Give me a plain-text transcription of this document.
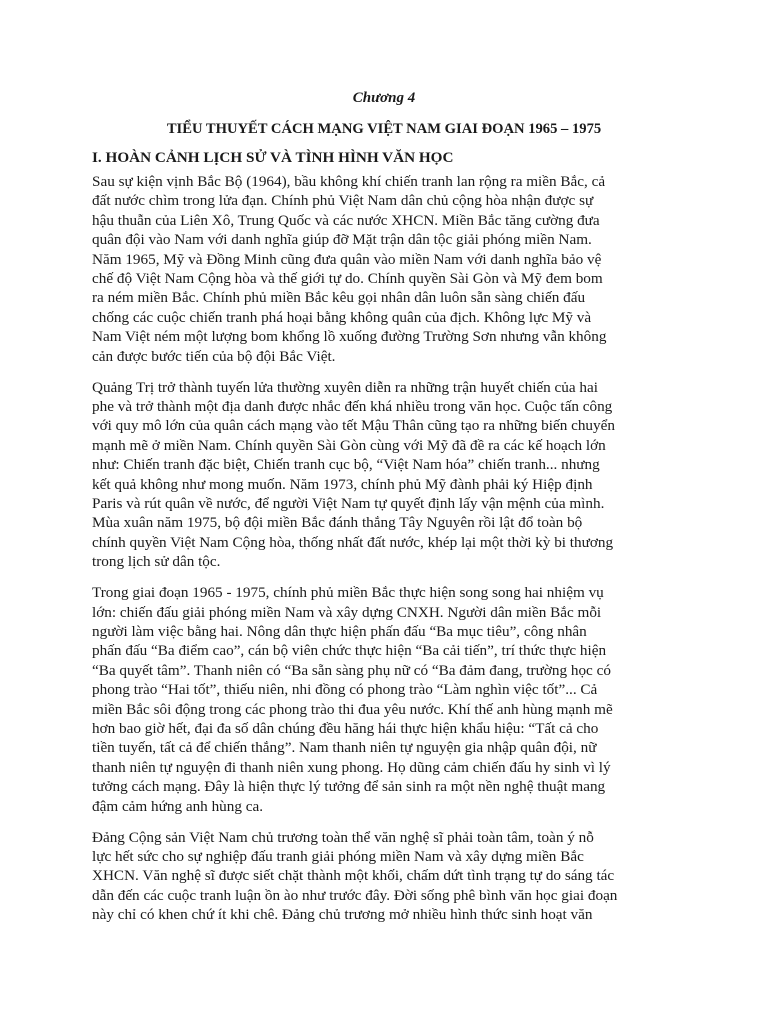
Chương 4
TIỂU THUYẾT CÁCH MẠNG VIỆT NAM GIAI ĐOẠN 1965 – 1975
I. HOÀN CẢNH LỊCH SỬ VÀ TÌNH HÌNH VĂN HỌC
Sau sự kiện vịnh Bắc Bộ (1964), bầu không khí chiến tranh lan rộng ra miền Bắc, cả
đất nước chìm trong lửa đạn. Chính phủ Việt Nam dân chủ cộng hòa nhận được sự
hậu thuẫn của Liên Xô, Trung Quốc và các nước XHCN. Miền Bắc tăng cường đưa
quân đội vào Nam với danh nghĩa giúp đỡ Mặt trận dân tộc giải phóng miền Nam.
Năm 1965, Mỹ và Đồng Minh cũng đưa quân vào miền Nam với danh nghĩa bảo vệ
chế độ Việt Nam Cộng hòa và thế giới tự do. Chính quyền Sài Gòn và Mỹ đem bom
ra ném miền Bắc. Chính phủ miền Bắc kêu gọi nhân dân luôn sẵn sàng chiến đấu
chống các cuộc chiến tranh phá hoại bằng không quân của địch. Không lực Mỹ và
Nam Việt ném một lượng bom khổng lồ xuống đường Trường Sơn nhưng vẫn không
cản được bước tiến của bộ đội Bắc Việt.
Quảng Trị trở thành tuyến lửa thường xuyên diễn ra những trận huyết chiến của hai
phe và trở thành một địa danh được nhắc đến khá nhiều trong văn học. Cuộc tấn công
với quy mô lớn của quân cách mạng vào tết Mậu Thân cũng tạo ra những biến chuyển
mạnh mẽ ở miền Nam. Chính quyền Sài Gòn cùng với Mỹ đã đề ra các kế hoạch lớn
như: Chiến tranh đặc biệt, Chiến tranh cục bộ, “Việt Nam hóa” chiến tranh... nhưng
kết quả không như mong muốn. Năm 1973, chính phủ Mỹ đành phải ký Hiệp định
Paris và rút quân về nước, để người Việt Nam tự quyết định lấy vận mệnh của mình.
Mùa xuân năm 1975, bộ đội miền Bắc đánh thắng Tây Nguyên rồi lật đổ toàn bộ
chính quyền Việt Nam Cộng hòa, thống nhất đất nước, khép lại một thời kỳ bi thương
trong lịch sử dân tộc.
Trong giai đoạn 1965 - 1975, chính phủ miền Bắc thực hiện song song hai nhiệm vụ
lớn: chiến đấu giải phóng miền Nam và xây dựng CNXH. Người dân miền Bắc mỗi
người làm việc bằng hai. Nông dân thực hiện phấn đấu “Ba mục tiêu”, công nhân
phấn đấu “Ba điểm cao”, cán bộ viên chức thực hiện “Ba cải tiến”, trí thức thực hiện
“Ba quyết tâm”. Thanh niên có “Ba sẵn sàng phụ nữ có “Ba đảm đang, trường học có
phong trào “Hai tốt”, thiếu niên, nhi đồng có phong trào “Làm nghìn việc tốt”... Cả
miền Bắc sôi động trong các phong trào thi đua yêu nước. Khí thế anh hùng mạnh mẽ
hơn bao giờ hết, đại đa số dân chúng đều hăng hái thực hiện khẩu hiệu: “Tất cả cho
tiền tuyến, tất cả để chiến thắng”. Nam thanh niên tự nguyện gia nhập quân đội, nữ
thanh niên tự nguyện đi thanh niên xung phong. Họ dũng cảm chiến đấu hy sinh vì lý
tưởng cách mạng. Đây là hiện thực lý tưởng để sản sinh ra một nền nghệ thuật mang
đậm cảm hứng anh hùng ca.
Đảng Cộng sản Việt Nam chủ trương toàn thể văn nghệ sĩ phải toàn tâm, toàn ý nỗ
lực hết sức cho sự nghiệp đấu tranh giải phóng miền Nam và xây dựng miền Bắc
XHCN. Văn nghệ sĩ được siết chặt thành một khối, chấm dứt tình trạng tự do sáng tác
dẫn đến các cuộc tranh luận ồn ào như trước đây. Đời sống phê bình văn học giai đoạn
này chỉ có khen chứ ít khi chê. Đảng chủ trương mở nhiều hình thức sinh hoạt văn
